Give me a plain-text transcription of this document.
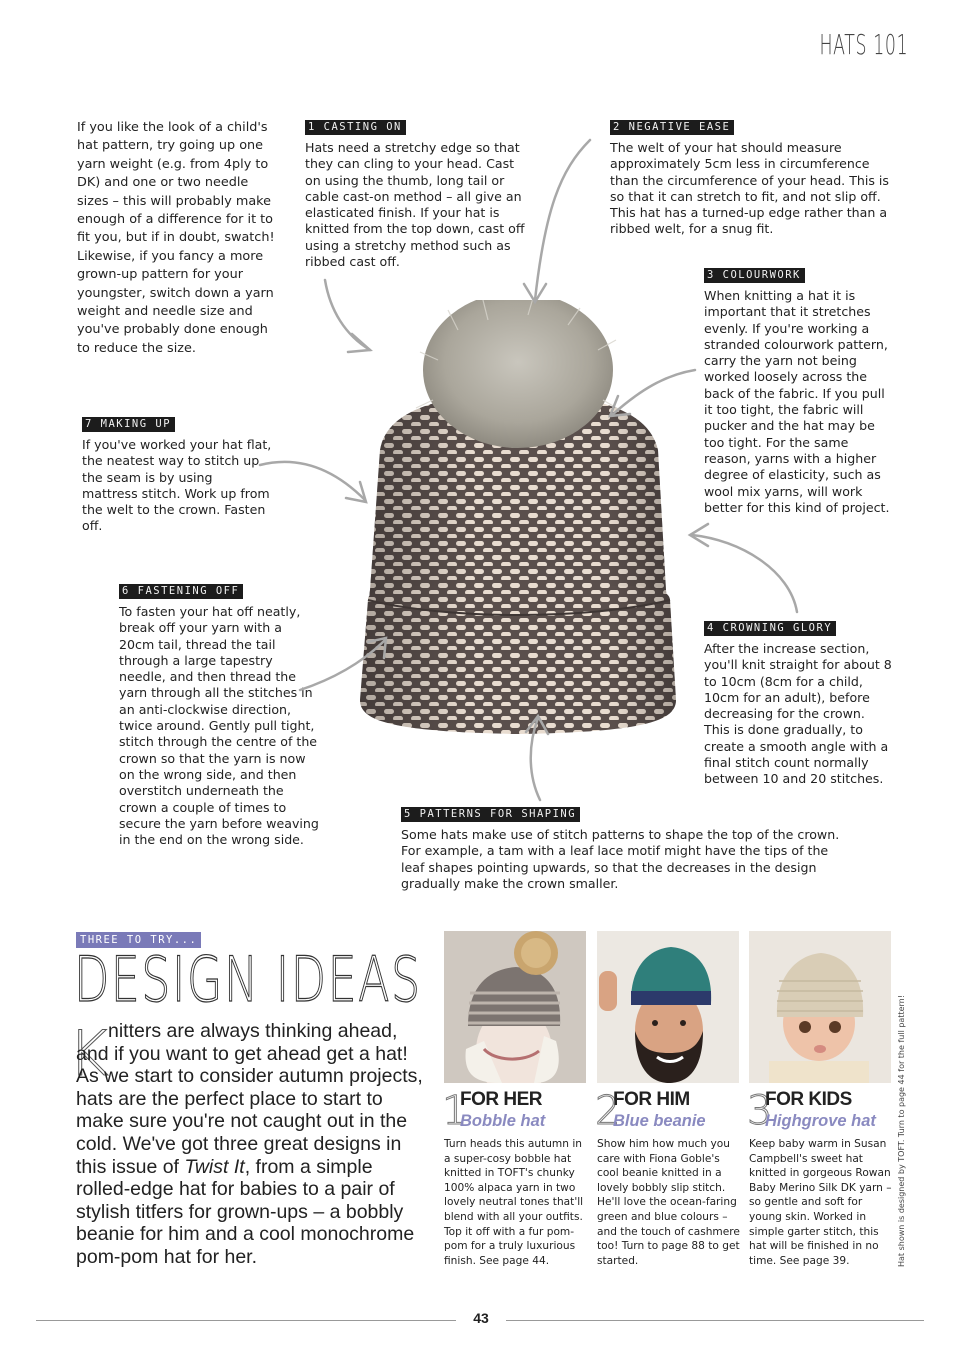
HATS 101
If you like the look of a child's hat pattern, try going up one yarn weight (e.g. from 4ply to DK) and one or two needle sizes – this will probably make enough of a difference for it to fit you, but if in doubt, swatch! Likewise, if you fancy a more grown-up pattern for your youngster, switch down a yarn weight and needle size and you've probably done enough to reduce the size.
1 CASTING ON
Hats need a stretchy edge so that they can cling to your head. Cast on using the thumb, long tail or cable cast-on method – all give an elasticated finish. If your hat is knitted from the top down, cast off using a stretchy method such as ribbed cast off.
2 NEGATIVE EASE
The welt of your hat should measure approximately 5cm less in circumference than the circumference of your head. This is so that it can stretch to fit, and not slip off. This hat has a turned-up edge rather than a ribbed welt, for a snug fit.
3 COLOURWORK
When knitting a hat it is important that it stretches evenly. If you're working a stranded colourwork pattern, carry the yarn not being worked loosely across the back of the fabric. If you pull it too tight, the fabric will pucker and the hat may be too tight. For the same reason, yarns with a higher degree of elasticity, such as wool mix yarns, will work better for this kind of project.
7 MAKING UP
If you've worked your hat flat, the neatest way to stitch up the seam is by using mattress stitch. Work up from the welt to the crown. Fasten off.
6 FASTENING OFF
To fasten your hat off neatly, break off your yarn with a 20cm tail, thread the tail through a large tapestry needle, and then thread the yarn through all the stitches in an anti-clockwise direction, twice around. Gently pull tight, stitch through the centre of the crown so that the yarn is now on the wrong side, and then overstitch underneath the crown a couple of times to secure the yarn before weaving in the end on the wrong side.
4 CROWNING GLORY
After the increase section, you'll knit straight for about 8 to 10cm (8cm for a child, 10cm for an adult), before decreasing for the crown. This is done gradually, to create a smooth angle with a final stitch count normally between 10 and 20 stitches.
5 PATTERNS FOR SHAPING
Some hats make use of stitch patterns to shape the top of the crown. For example, a tam with a leaf lace motif might have the tips of the leaf shapes pointing upwards, so that the decreases in the design gradually make the crown smaller.
THREE TO TRY...
DESIGN IDEAS
K nitters are always thinking ahead, and if you want to get ahead get a hat! As we start to consider autumn projects, hats are the perfect place to start to make sure you're not caught out in the cold. We've got three great designs in this issue of Twist It, from a simple rolled-edge hat for babies to a pair of stylish titfers for grown-ups – a bobbly beanie for him and a cool monochrome pom-pom hat for her.
1
FOR HER
Bobble hat
Turn heads this autumn in a super-cosy bobble hat knitted in TOFT's chunky 100% alpaca yarn in two lovely neutral tones that'll blend with all your outfits. Top it off with a fur pom-pom for a truly luxurious finish. See page 44.
2
FOR HIM
Blue beanie
Show him how much you care with Fiona Goble's cool beanie knitted in a lovely bobbly slip stitch. He'll love the ocean-faring green and blue colours – and the touch of cashmere too! Turn to page 88 to get started.
3
FOR KIDS
Highgrove hat
Keep baby warm in Susan Campbell's sweet hat knitted in gorgeous Rowan Baby Merino Silk DK yarn – so gentle and soft for young skin. Worked in simple garter stitch, this hat will be finished in no time. See page 39.	Hat shown is designed by TOFT. Turn to page 44 for the full pattern!
43
